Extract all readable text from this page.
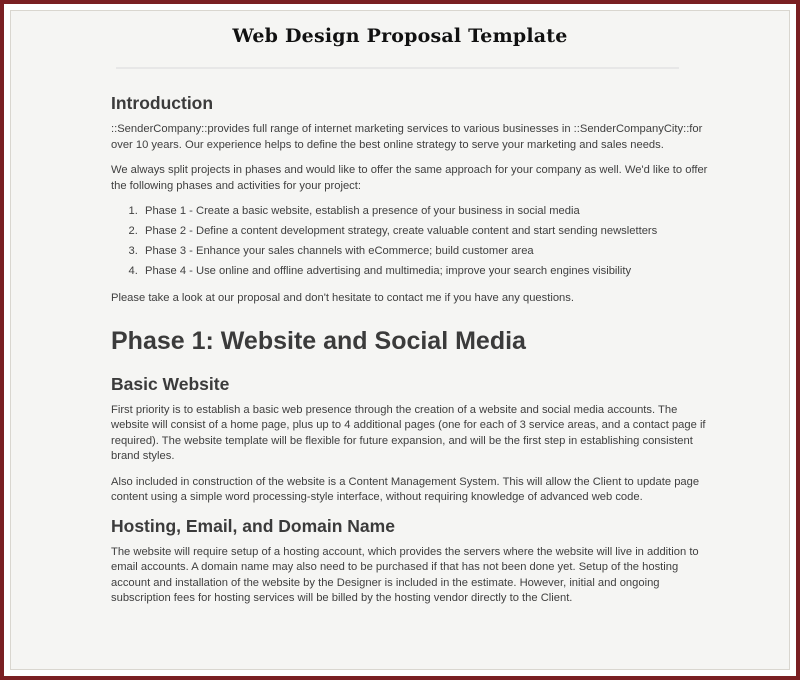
Web Design Proposal Template
Introduction

::SenderCompany::provides full range of internet marketing services to various businesses in ::SenderCompanyCity::for over 10 years. Our experience helps to define the best online strategy to serve your marketing and sales needs.

We always split projects in phases and would like to offer the same approach for your company as well. We'd like to offer the following phases and activities for your project:

1. Phase 1 - Create a basic website, establish a presence of your business in social media
2. Phase 2 - Define a content development strategy, create valuable content and start sending newsletters
3. Phase 3 - Enhance your sales channels with eCommerce; build customer area
4. Phase 4 - Use online and offline advertising and multimedia; improve your search engines visibility

Please take a look at our proposal and don't hesitate to contact me if you have any questions.

Phase 1: Website and Social Media
Basic Website

First priority is to establish a basic web presence through the creation of a website and social media accounts. The website will consist of a home page, plus up to 4 additional pages (one for each of 3 service areas, and a contact page if required). The website template will be flexible for future expansion, and will be the first step in establishing consistent brand styles.

Also included in construction of the website is a Content Management System. This will allow the Client to update page content using a simple word processing-style interface, without requiring knowledge of advanced web code.

Hosting, Email, and Domain Name

The website will require setup of a hosting account, which provides the servers where the website will live in addition to email accounts. A domain name may also need to be purchased if that has not been done yet. Setup of the hosting account and installation of the website by the Designer is included in the estimate. However, initial and ongoing subscription fees for hosting services will be billed by the hosting vendor directly to the Client.
